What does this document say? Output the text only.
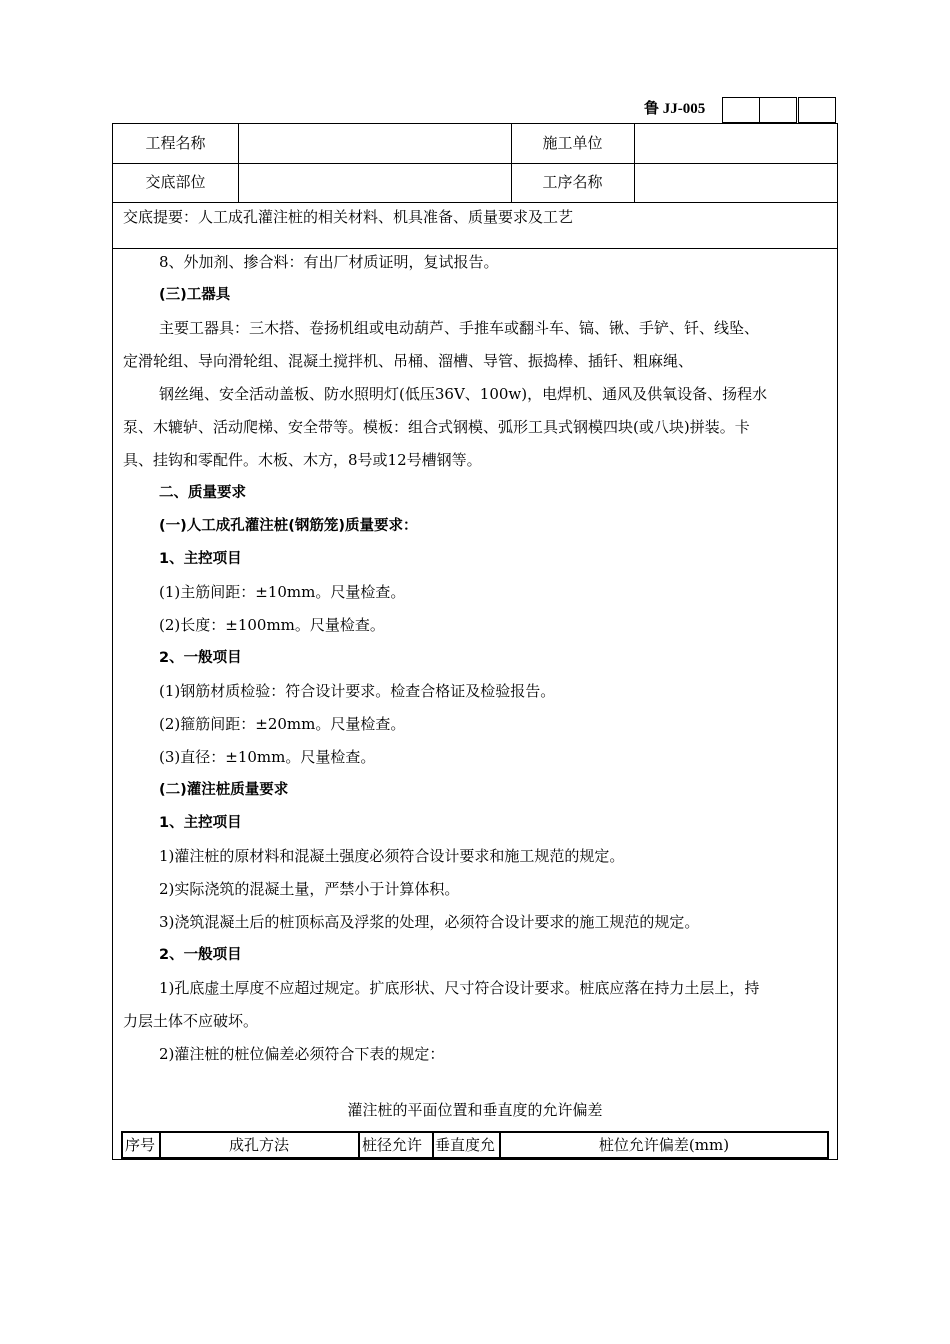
鲁 JJ-005
工程名称	施工单位
交底部位	工序名称
交底提要：人工成孔灌注桩的相关材料、机具准备、质量要求及工艺

8、外加剂、掺合料：有出厂材质证明，复试报告。

(三)工器具

主要工器具：三木搭、卷扬机组或电动葫芦、手推车或翻斗车、镐、锹、手铲、钎、线坠、

定滑轮组、导向滑轮组、混凝土搅拌机、吊桶、溜槽、导管、振捣棒、插钎、粗麻绳、

钢丝绳、安全活动盖板、防水照明灯(低压36V、100w)，电焊机、通风及供氧设备、扬程水

泵、木辘轳、活动爬梯、安全带等。模板：组合式钢模、弧形工具式钢模四块(或八块)拼装。卡

具、挂钩和零配件。木板、木方，8号或12号槽钢等。

二、质量要求

(一)人工成孔灌注桩(钢筋笼)质量要求：

1、主控项目

(1)主筋间距：±10mm。尺量检查。

(2)长度：±100mm。尺量检查。

2、一般项目

(1)钢筋材质检验：符合设计要求。检查合格证及检验报告。

(2)箍筋间距：±20mm。尺量检查。

(3)直径：±10mm。尺量检查。

(二)灌注桩质量要求

1、主控项目

1)灌注桩的原材料和混凝土强度必须符合设计要求和施工规范的规定。

2)实际浇筑的混凝土量，严禁小于计算体积。

3)浇筑混凝土后的桩顶标高及浮浆的处理，必须符合设计要求的施工规范的规定。

2、一般项目

1)孔底虚土厚度不应超过规定。扩底形状、尺寸符合设计要求。桩底应落在持力土层上，持

力层土体不应破坏。

2)灌注桩的桩位偏差必须符合下表的规定：

灌注桩的平面位置和垂直度的允许偏差
序号	成孔方法	桩径允许 垂直度允	桩位允许偏差(mm)
